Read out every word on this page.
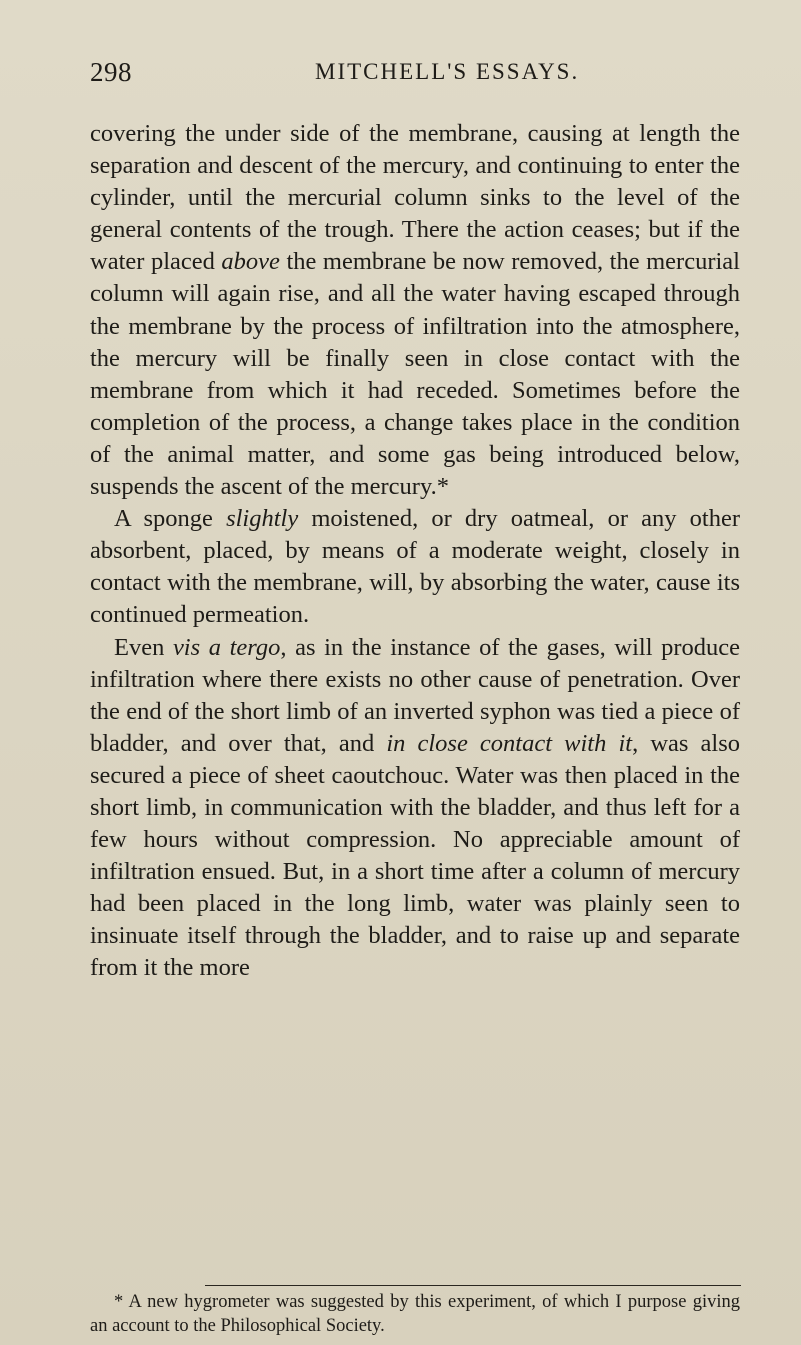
298	MITCHELL'S ESSAYS.

covering the under side of the membrane, causing at length the separation and descent of the mercury, and continuing to enter the cylinder, until the mercurial column sinks to the level of the general contents of the trough. There the action ceases; but if the water placed above the membrane be now removed, the mercurial column will again rise, and all the water having escaped through the membrane by the process of infiltration into the atmosphere, the mercury will be finally seen in close contact with the membrane from which it had receded. Sometimes before the completion of the process, a change takes place in the condition of the animal matter, and some gas being introduced below, suspends the ascent of the mercury.*

A sponge slightly moistened, or dry oatmeal, or any other absorbent, placed, by means of a moderate weight, closely in contact with the membrane, will, by absorbing the water, cause its continued permeation.

Even vis a tergo, as in the instance of the gases, will produce infiltration where there exists no other cause of penetration. Over the end of the short limb of an inverted syphon was tied a piece of bladder, and over that, and in close contact with it, was also secured a piece of sheet caoutchouc. Water was then placed in the short limb, in communication with the bladder, and thus left for a few hours without compression. No appreciable amount of infiltration ensued. But, in a short time after a column of mercury had been placed in the long limb, water was plainly seen to insinuate itself through the bladder, and to raise up and separate from it the more

* A new hygrometer was suggested by this experiment, of which I purpose giving an account to the Philosophical Society.
